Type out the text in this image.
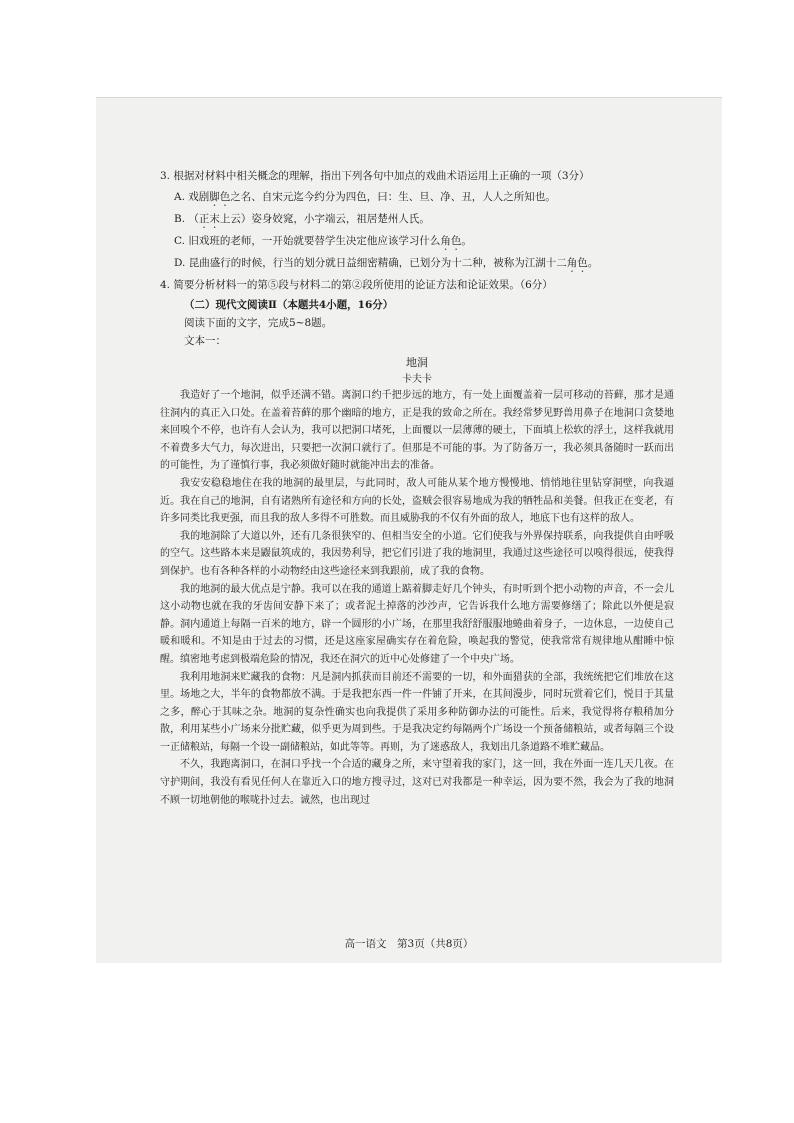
3. 根据对材料中相关概念的理解，指出下列各句中加点的戏曲术语运用上正确的一项（3分）
A. 戏剧脚色之名、自宋元迄今约分为四色，曰：生、旦、净、丑，人人之所知也。
B. （正末上云）姿身姣窕，小字端云，祖居楚州人氏。
C. 旧戏班的老师，一开始就要替学生决定他应该学习什么角色。
D. 昆曲盛行的时候，行当的划分就日益细密精确，已划分为十二种，被称为江湖十二角色。
4. 简要分析材料一的第⑤段与材料二的第②段所使用的论证方法和论证效果。（6分）
（二）现代文阅读Ⅱ（本题共4小题，16分）
阅读下面的文字，完成5~8题。
文本一：
地洞
卡夫卡

我造好了一个地洞，似乎还满不错。离洞口约千把步远的地方，有一处上面覆盖着一层可移动的苔藓，那才是通往洞内的真正入口处。在盖着苔藓的那个幽暗的地方，正是我的致命之所在。我经常梦见野兽用鼻子在地洞口贪婪地来回嗅个不停，也许有人会认为，我可以把洞口堵死，上面覆以一层薄薄的硬土，下面填上松软的浮土，这样我就用不着费多大气力，每次进出，只要把一次洞口就行了。但那是不可能的事。为了防备万一，我必须具备随时一跃而出的可能性，为了谨慎行事，我必须做好随时就能冲出去的准备。

我安安稳稳地住在我的地洞的最里层，与此同时，敌人可能从某个地方慢慢地、悄悄地往里钻穿洞壁，向我逼近。我在自己的地洞，自有诸熟所有途径和方向的长处，盗贼会很容易地成为我的牺牲品和美餐。但我正在变老，有许多同类比我更强，而且我的敌人多得不可胜数。而且威胁我的不仅有外面的敌人，地底下也有这样的敌人。

我的地洞除了大道以外，还有几条很狭窄的、但相当安全的小道。它们使我与外界保持联系，向我提供自由呼吸的空气。这些路本来是鼹鼠筑成的，我因势利导，把它们引进了我的地洞里，我通过这些途径可以嗅得很远，使我得到保护。也有各种各样的小动物经由这些途径来到我跟前，成了我的食物。

我的地洞的最大优点是宁静。我可以在我的通道上踮着脚走好几个钟头，有时听到个把小动物的声音，不一会儿这小动物也就在我的牙齿间安静下来了；或者泥土掉落的沙沙声，它告诉我什么地方需要修缮了；除此以外便是寂静。洞内通道上每隔一百米的地方，辟一个圆形的小广场，在那里我舒舒服服地蜷曲着身子，一边休息，一边使自己暖和暖和。不知是由于过去的习惯，还是这座家屋确实存在着危险，唤起我的警觉，使我常常有规律地从酣睡中惊醒。缜密地考虑到极端危险的情况，我还在洞穴的近中心处修建了一个中央广场。

我利用地洞来贮藏我的食物：凡是洞内抓获而目前还不需要的一切，和外面猎获的全部，我统统把它们堆放在这里。场地之大，半年的食物都放不满。于是我把东西一件一件铺了开来，在其间漫步，同时玩赏着它们，悦目于其量之多，醉心于其味之杂。地洞的复杂性确实也向我提供了采用多种防御办法的可能性。后来，我觉得将存粮稍加分散，利用某些小广场来分批贮藏，似乎更为周到些。于是我决定约每隔两个广场设一个预备储粮站，或者每隔三个设一正储粮站，每隔一个设一副储粮站，如此等等。再则，为了迷惑敌人，我划出几条道路不堆贮藏品。

不久，我跑离洞口，在洞口乎找一个合适的藏身之所，来守望着我的家门，这一回，我在外面一连几天几夜。在守护期间，我没有看见任何人在靠近入口的地方搜寻过，这对已对我都是一种幸运，因为要不然，我会为了我的地洞不顾一切地朝他的喉咙扑过去。诚然，也出现过

高一语文　第3页（共8页）
